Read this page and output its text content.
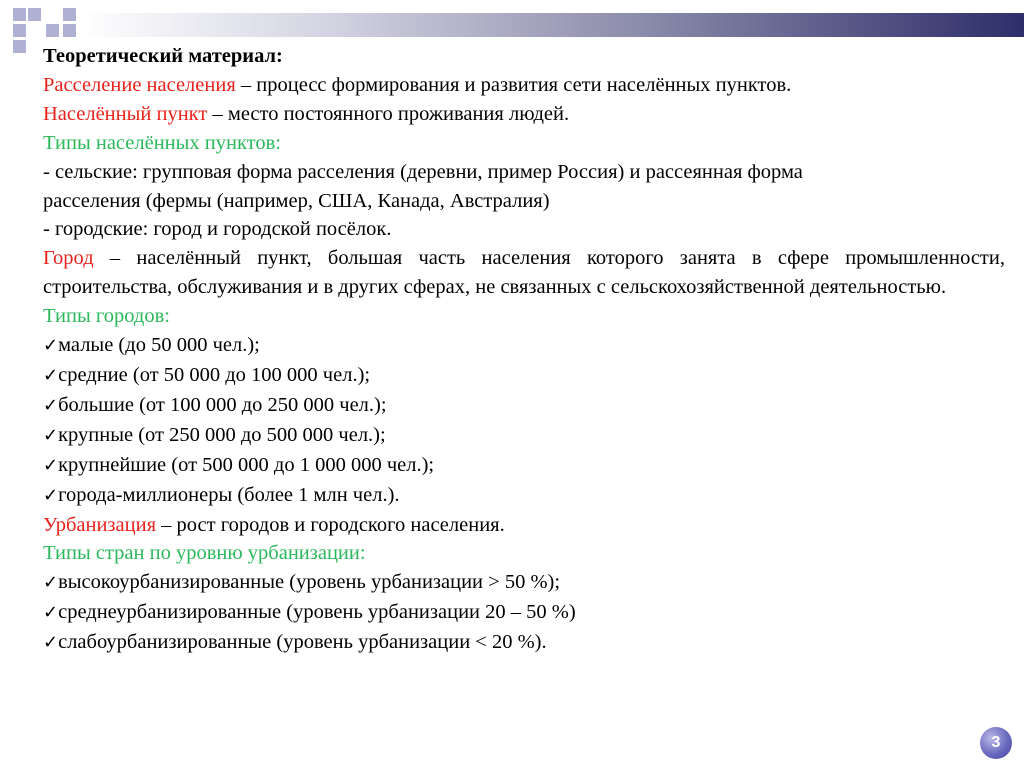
Теоретический материал:
Расселение населения – процесс формирования и развития сети населённых пунктов.
Населённый пункт – место постоянного проживания людей.
Типы населённых пунктов:
- сельские: групповая форма расселения (деревни, пример Россия) и рассеянная форма
расселения (фермы (например, США, Канада, Австралия)
- городские: город и городской посёлок.
Город – населённый пункт, большая часть населения которого занята в сфере промышленности, строительства, обслуживания и в других сферах, не связанных с сельскохозяйственной деятельностью.
Типы городов:
✓малые (до 50 000 чел.);
✓средние (от 50 000 до 100 000 чел.);
✓большие (от 100 000 до 250 000 чел.);
✓крупные (от 250 000 до 500 000 чел.);
✓крупнейшие (от 500 000 до 1 000 000 чел.);
✓города-миллионеры (более 1 млн чел.).
Урбанизация – рост городов и городского населения.
Типы стран по уровню урбанизации:
✓высокоурбанизированные (уровень урбанизации > 50 %);
✓среднеурбанизированные (уровень урбанизации 20 – 50 %)
✓слабоурбанизированные (уровень урбанизации < 20 %).
3
